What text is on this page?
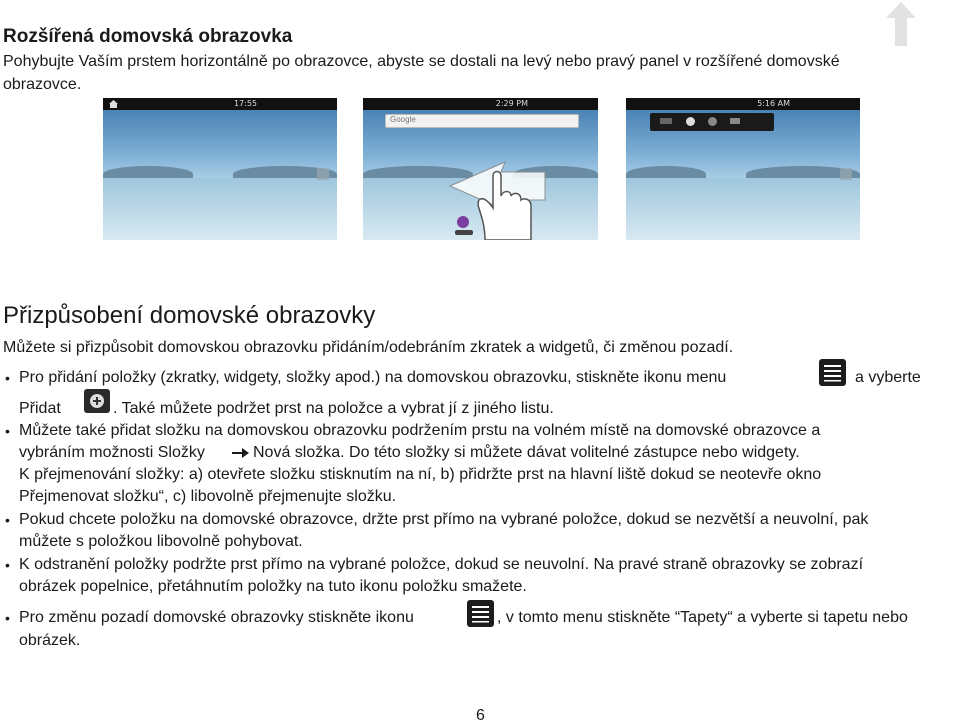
Rozšířená domovská obrazovka
Pohybujte Vaším prstem horizontálně po obrazovce, abyste se dostali na levý nebo pravý panel v rozšířené domovské
obrazovce.
17:55	2:29 PM
Google
5:16 AM
Přizpůsobení domovské obrazovky
Můžete si přizpůsobit domovskou obrazovku přidáním/odebráním zkratek a widgetů, či změnou pozadí.
• Pro přidání položky (zkratky, widgety, složky apod.) na domovskou obrazovku, stiskněte ikonu menu	a vyberte
Přidat	. Také můžete podržet prst na položce a vybrat jí z jiného listu.
• Můžete také přidat složku na domovskou obrazovku podržením prstu na volném místě na domovské obrazovce a
vybráním možnosti Složky	Nová složka. Do této složky si můžete dávat volitelné zástupce nebo widgety.
K přejmenování složky: a) otevřete složku stisknutím na ní, b) přidržte prst na hlavní liště dokud se neotevře okno
Přejmenovat složku“, c) libovolně přejmenujte složku.
• Pokud chcete položku na domovské obrazovce, držte prst přímo na vybrané položce, dokud se nezvětší a neuvolní, pak
můžete s položkou libovolně pohybovat.
• K odstranění položky podržte prst přímo na vybrané položce, dokud se neuvolní. Na pravé straně obrazovky se zobrazí
obrázek popelnice, přetáhnutím položky na tuto ikonu položku smažete.
• Pro změnu pozadí domovské obrazovky stiskněte ikonu	, v tomto menu stiskněte “Tapety“ a vyberte si tapetu nebo
obrázek.
6
